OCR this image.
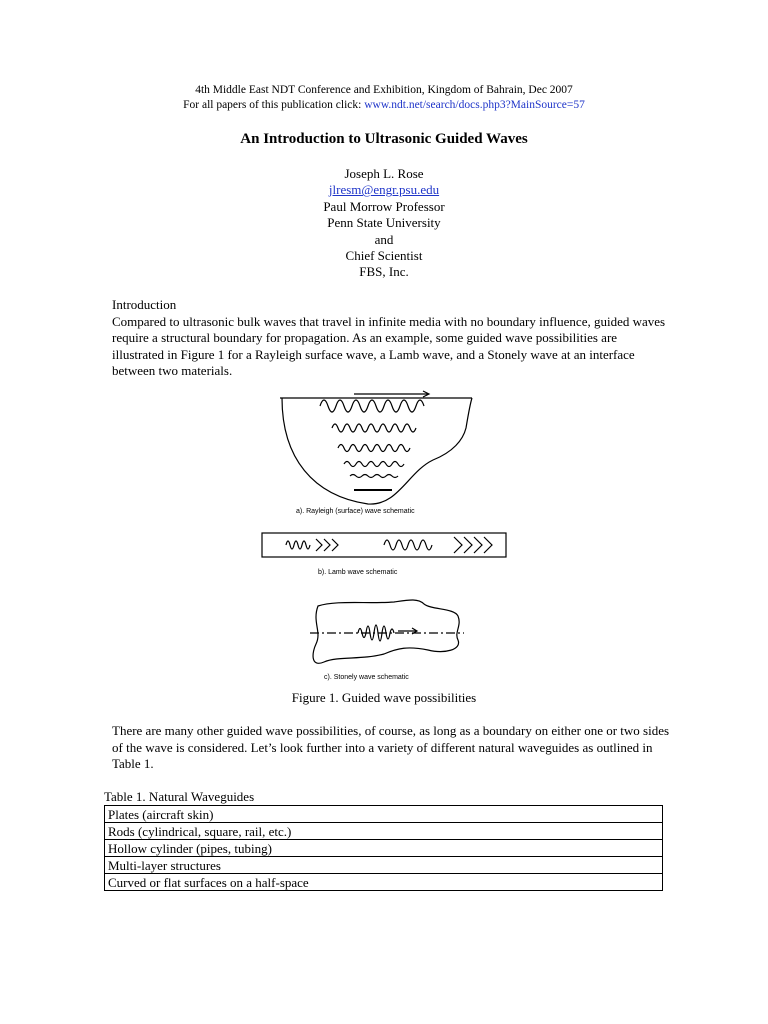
4th Middle East NDT Conference and Exhibition, Kingdom of Bahrain, Dec 2007
For all papers of this publication click: www.ndt.net/search/docs.php3?MainSource=57
An Introduction to Ultrasonic Guided Waves
Joseph L. Rose
jlresm@engr.psu.edu
Paul Morrow Professor
Penn State University
and
Chief Scientist
FBS, Inc.
Introduction
Compared to ultrasonic bulk waves that travel in infinite media with no boundary influence, guided waves require a structural boundary for propagation. As an example, some guided wave possibilities are illustrated in Figure 1 for a Rayleigh surface wave, a Lamb wave, and a Stonely wave at an interface between two materials.
a). Rayleigh (surface) wave schematic
b). Lamb wave schematic
c). Stonely wave schematic
Figure 1. Guided wave possibilities
There are many other guided wave possibilities, of course, as long as a boundary on either one or two sides of the wave is considered. Let’s look further into a variety of different natural waveguides as outlined in Table 1.
Table 1. Natural Waveguides
Plates (aircraft skin)
Rods (cylindrical, square, rail, etc.)
Hollow cylinder (pipes, tubing)
Multi-layer structures
Curved or flat surfaces on a half-space
